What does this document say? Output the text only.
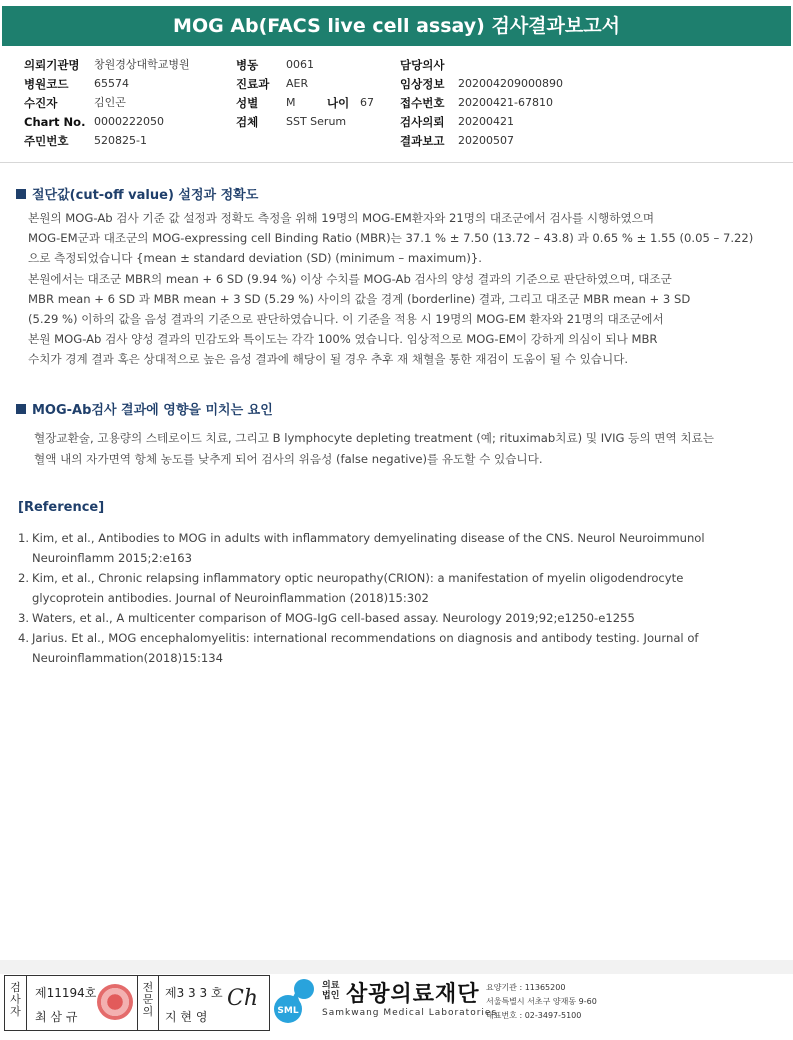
MOG Ab(FACS live cell assay) 검사결과보고서
의뢰기관명 창원경상대학교병원	병동	0061	담당의사
병원코드 65574	진료과 AER	임상정보 202004209000890
수진자	김인곤	성별	M	나이 67 접수번호 20200421-67810
Chart No. 0000222050	검체	SST Serum	검사의뢰 20200421
주민번호 520825-1	결과보고 20200507
절단값(cut-off value) 설정과 정확도
본원의 MOG-Ab 검사 기준 값 설정과 정확도 측정을 위해 19명의 MOG-EM환자와 21명의 대조군에서 검사를 시행하였으며
MOG-EM군과 대조군의 MOG-expressing cell Binding Ratio (MBR)는 37.1 % ± 7.50 (13.72 – 43.8) 과 0.65 % ± 1.55 (0.05 – 7.22)
으로 측정되었습니다 {mean ± standard deviation (SD) (minimum – maximum)}.
본원에서는 대조군 MBR의 mean + 6 SD (9.94 %) 이상 수치를 MOG-Ab 검사의 양성 결과의 기준으로 판단하였으며, 대조군
MBR mean + 6 SD 과 MBR mean + 3 SD (5.29 %) 사이의 값을 경계 (borderline) 결과, 그리고 대조군 MBR mean + 3 SD
(5.29 %) 이하의 값을 음성 결과의 기준으로 판단하였습니다. 이 기준을 적용 시 19명의 MOG-EM 환자와 21명의 대조군에서
본원 MOG-Ab 검사 양성 결과의 민감도와 특이도는 각각 100% 였습니다. 임상적으로 MOG-EM이 강하게 의심이 되나 MBR
수치가 경계 결과 혹은 상대적으로 높은 음성 결과에 해당이 될 경우 추후 재 채혈을 통한 재검이 도움이 될 수 있습니다.
MOG-Ab검사 결과에 영향을 미치는 요인
혈장교환술, 고용량의 스테로이드 치료, 그리고 B lymphocyte depleting treatment (예; rituximab치료) 및 IVIG 등의 면역 치료는
혈액 내의 자가면역 항체 농도를 낮추게 되어 검사의 위음성 (false negative)를 유도할 수 있습니다.
[Reference]
1. Kim, et al., Antibodies to MOG in adults with inflammatory demyelinating disease of the CNS. Neurol Neuroimmunol
Neuroinflamm 2015;2:e163
2. Kim, et al., Chronic relapsing inflammatory optic neuropathy(CRION): a manifestation of myelin oligodendrocyte
glycoprotein antibodies. Journal of Neuroinflammation (2018)15:302
3. Waters, et al., A multicenter comparison of MOG-IgG cell-based assay. Neurology 2019;92;e1250-e1255
4. Jarius. Et al., MOG encephalomyelitis: international recommendations on diagnosis and antibody testing. Journal of
Neuroinflammation(2018)15:134
검
사
자
제11194호
최 삼 규
전
문
의
제3 3 3 호
지 현 영
Ch SML
의료
법인 삼광의료재단
Samkwang Medical Laboratories
요양기관 : 11365200
서울특별시 서초구 양재동 9-60
대표번호 : 02-3497-5100
